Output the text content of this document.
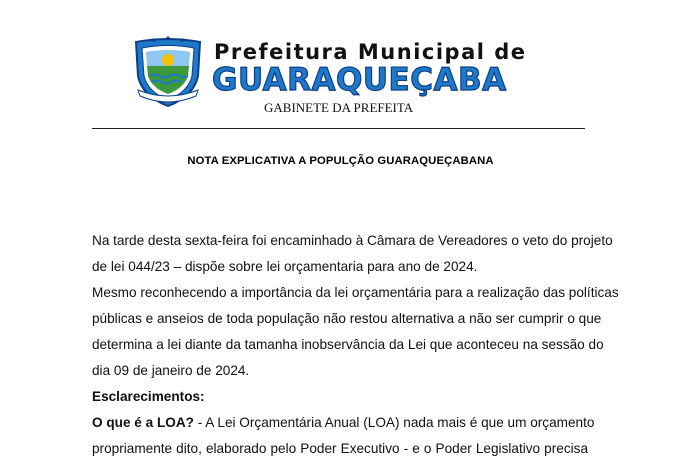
Prefeitura Municipal de
GUARAQUEÇABA
GABINETE DA PREFEITA
NOTA EXPLICATIVA A POPULÇÃO GUARAQUEÇABANA
Na tarde desta sexta-feira foi encaminhado à Câmara de Vereadores o veto do projeto
de lei 044/23 – dispõe sobre lei orçamentaria para ano de 2024.
Mesmo reconhecendo a importância da lei orçamentária para a realização das políticas
públicas e anseios de toda população não restou alternativa a não ser cumprir o que
determina a lei diante da tamanha inobservância da Lei que aconteceu na sessão do
dia 09 de janeiro de 2024.
Esclarecimentos:
O que é a LOA? - A Lei Orçamentária Anual (LOA) nada mais é que um orçamento
propriamente dito, elaborado pelo Poder Executivo - e o Poder Legislativo precisa
